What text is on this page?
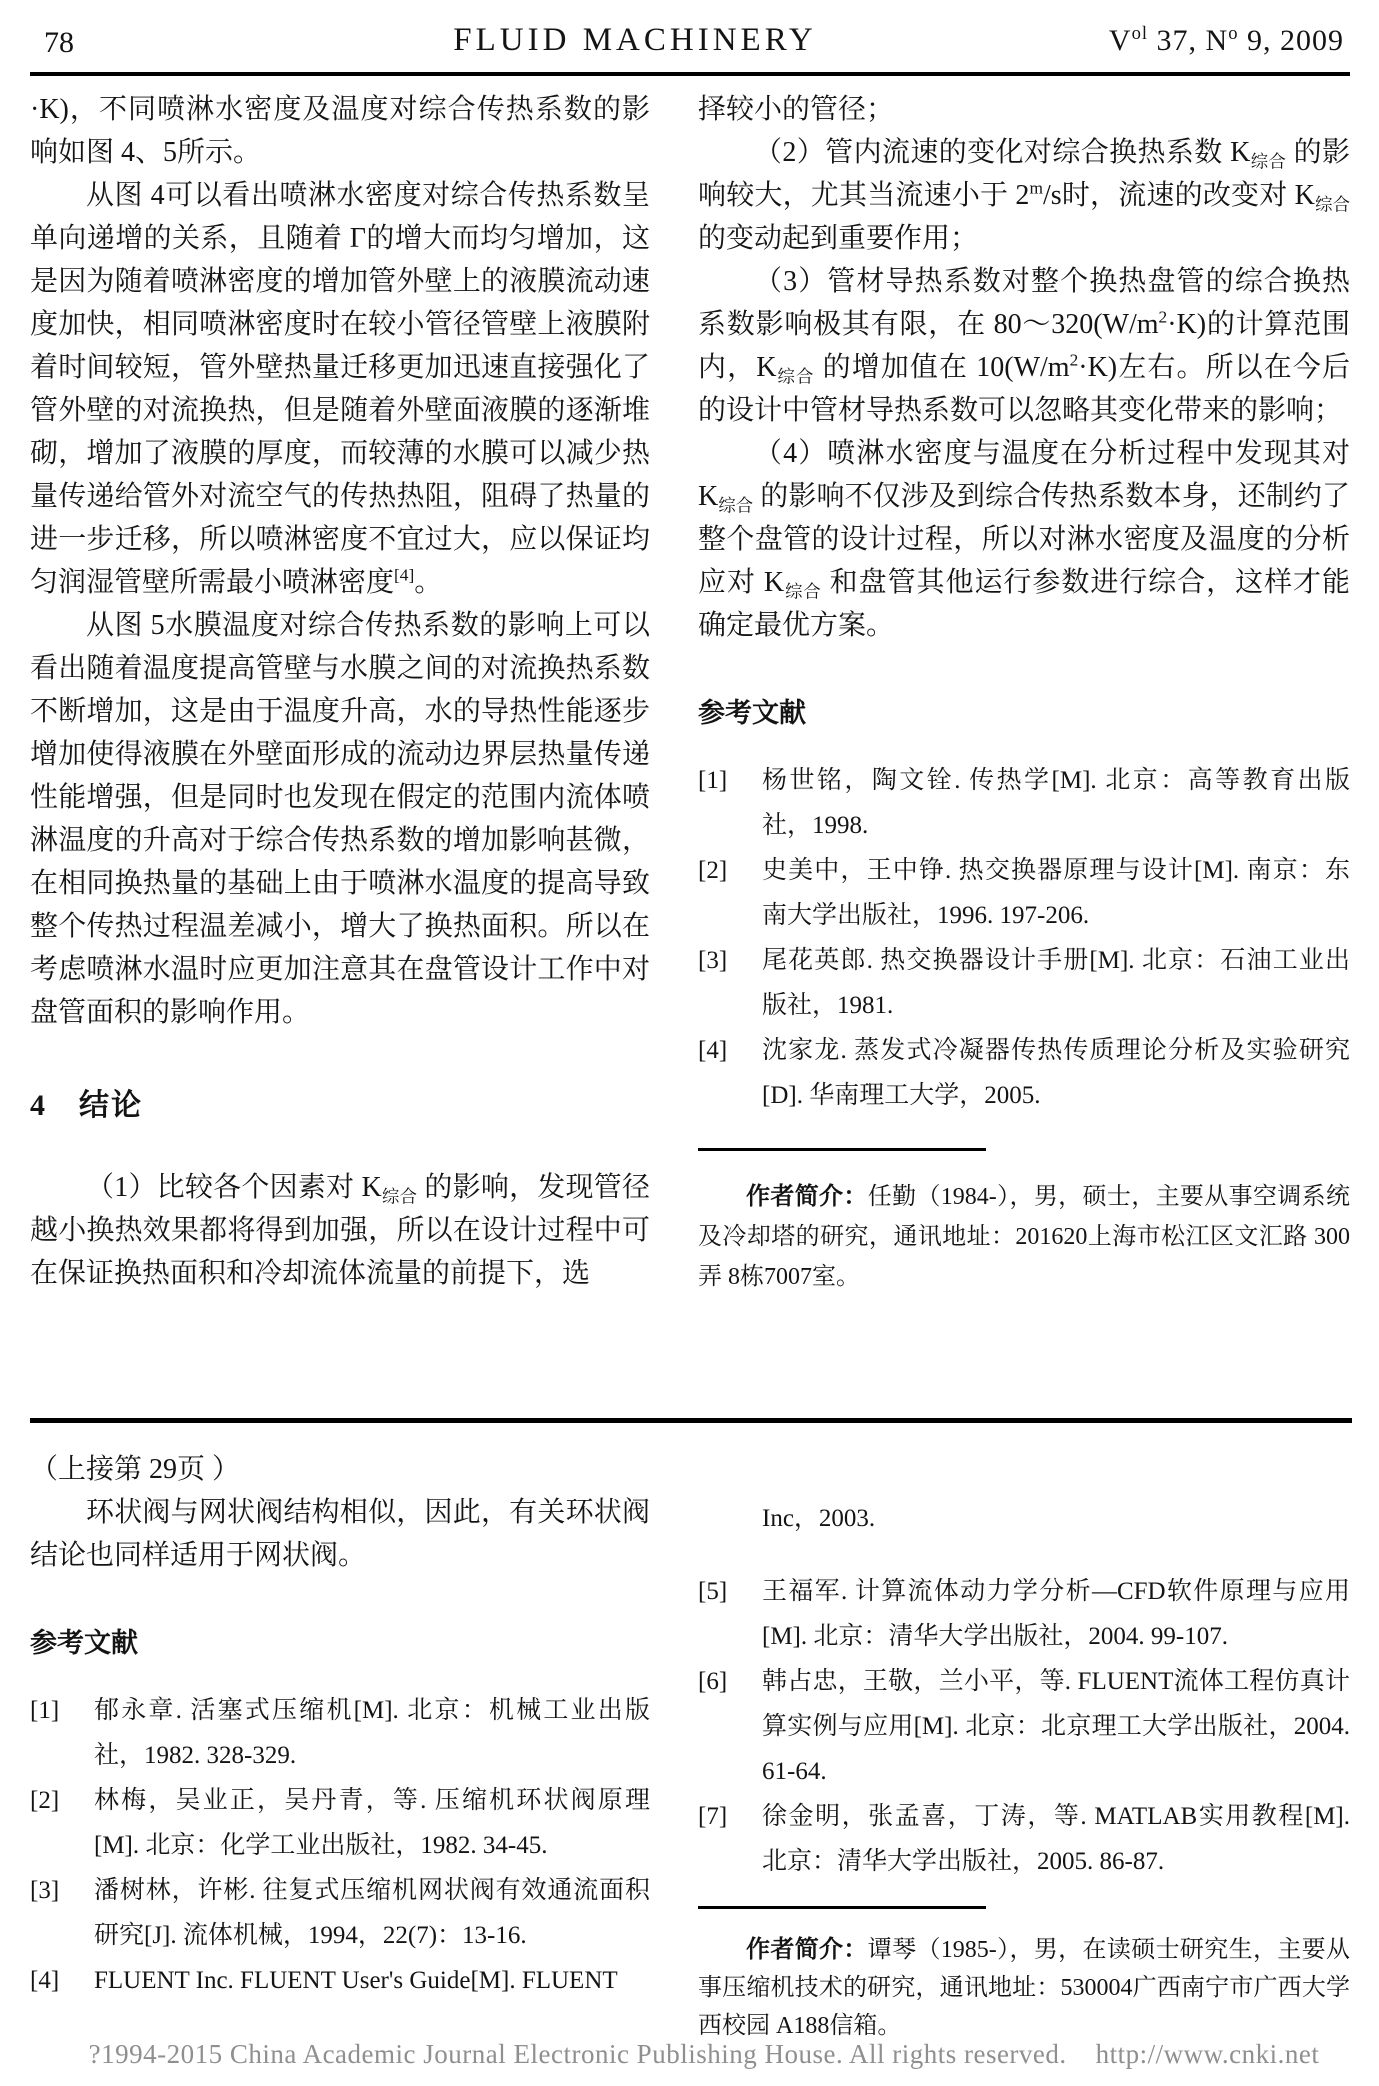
78	FLUID MACHINERY	$V^{ol}$ 37, $N^o$ 9, 2009

·K)，不同喷淋水密度及温度对综合传热系数的影响如图 4、5所示。

从图 4可以看出喷淋水密度对综合传热系数呈单向递增的关系，且随着 Γ的增大而均匀增加，这是因为随着喷淋密度的增加管外壁上的液膜流动速度加快，相同喷淋密度时在较小管径管壁上液膜附着时间较短，管外壁热量迁移更加迅速直接强化了管外壁的对流换热，但是随着外壁面液膜的逐渐堆砌，增加了液膜的厚度，而较薄的水膜可以减少热量传递给管外对流空气的传热热阻，阻碍了热量的进一步迁移，所以喷淋密度不宜过大，应以保证均匀润湿管壁所需最小喷淋密度[4]。

从图 5水膜温度对综合传热系数的影响上可以看出随着温度提高管壁与水膜之间的对流换热系数不断增加，这是由于温度升高，水的导热性能逐步增加使得液膜在外壁面形成的流动边界层热量传递性能增强，但是同时也发现在假定的范围内流体喷淋温度的升高对于综合传热系数的增加影响甚微，在相同换热量的基础上由于喷淋水温度的提高导致整个传热过程温差减小，增大了换热面积。所以在考虑喷淋水温时应更加注意其在盘管设计工作中对盘管面积的影响作用。

4　结论

（1）比较各个因素对 $K_{综合}$ 的影响，发现管径越小换热效果都将得到加强，所以在设计过程中可在保证换热面积和冷却流体流量的前提下，选

择较小的管径；

（2）管内流速的变化对综合换热系数 $K_{综合}$ 的影响较大，尤其当流速小于 2$^m$/s时，流速的改变对 $K_{综合}$ 的变动起到重要作用；

（3）管材导热系数对整个换热盘管的综合换热系数影响极其有限，在 $80\sim 320(W/m^2\cdot K)$的计算范围内，$K_{综合}$ 的增加值在 $10(W/m^2\cdot K)$左右。所以在今后的设计中管材导热系数可以忽略其变化带来的影响；

（4）喷淋水密度与温度在分析过程中发现其对 $K_{综合}$ 的影响不仅涉及到综合传热系数本身，还制约了整个盘管的设计过程，所以对淋水密度及温度的分析应对 $K_{综合}$ 和盘管其他运行参数进行综合，这样才能确定最优方案。

参考文献
[1]	杨世铭，陶文铨. 传热学[M]. 北京：高等教育出版社，1998.
[2]	史美中，王中铮. 热交换器原理与设计[M]. 南京：东南大学出版社，1996. 197-206.
[3]	尾花英郎. 热交换器设计手册[M]. 北京：石油工业出版社，1981.
[4]	沈家龙. 蒸发式冷凝器传热传质理论分析及实验研究[D]. 华南理工大学，2005.

作者简介：任勤（1984-），男，硕士，主要从事空调系统及冷却塔的研究，通讯地址：201620上海市松江区文汇路 300弄 8栋7007室。

（上接第 29页 ）

环状阀与网状阀结构相似，因此，有关环状阀结论也同样适用于网状阀。

参考文献
[1]	郁永章. 活塞式压缩机[M]. 北京：机械工业出版社，1982. 328-329.
[2]	林梅，吴业正，吴丹青，等. 压缩机环状阀原理[M]. 北京：化学工业出版社，1982. 34-45.
[3]	潘树林，许彬. 往复式压缩机网状阀有效通流面积研究[J]. 流体机械，1994，22(7)：13-16.
[4]	FLUENT Inc. FLUENT User's Guide[M]. FLUENT

Inc，2003.

[5]	王福军. 计算流体动力学分析—CFD软件原理与应用[M]. 北京：清华大学出版社，2004. 99-107.
[6]	韩占忠，王敬，兰小平，等. FLUENT流体工程仿真计算实例与应用[M]. 北京：北京理工大学出版社，2004. 61-64.
[7]	徐金明，张孟喜，丁涛，等. MATLAB实用教程[M]. 北京：清华大学出版社，2005. 86-87.

作者简介：谭琴（1985-），男，在读硕士研究生，主要从事压缩机技术的研究，通讯地址：530004广西南宁市广西大学西校园 A188信箱。

?1994-2015 China Academic Journal Electronic Publishing House. All rights reserved.    http://www.cnki.net
